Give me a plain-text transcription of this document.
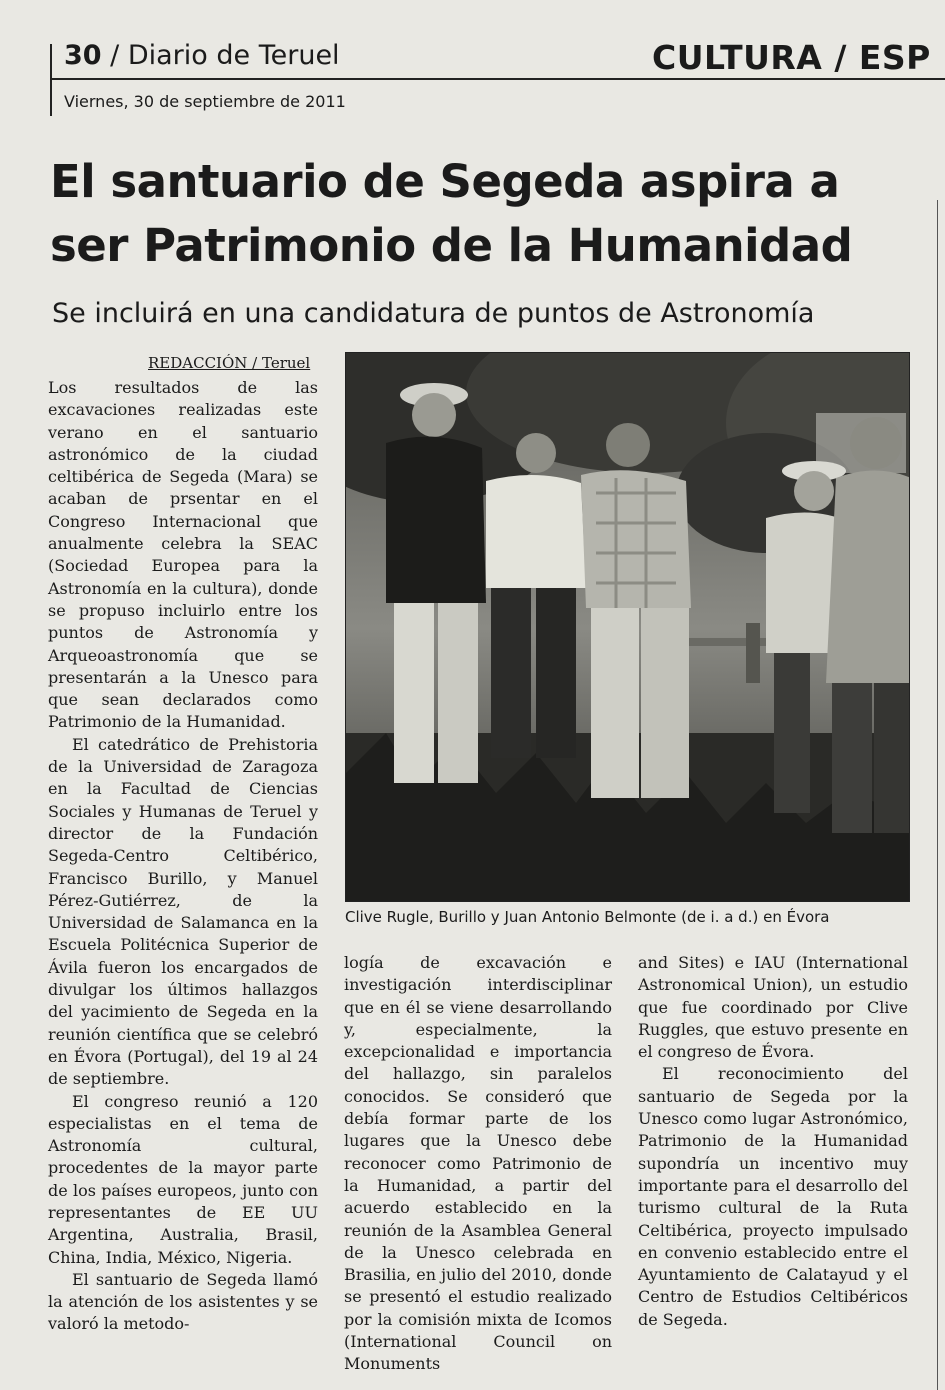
30 / Diario de Teruel	CULTURA / ESP
Viernes, 30 de septiembre de 2011
El santuario de Segeda aspira a ser Patrimonio de la Humanidad
Se incluirá en una candidatura de puntos de Astronomía
REDACCIÓN / Teruel

Los resultados de las excavaciones realizadas este verano en el santuario astronómico de la ciudad celtibérica de Segeda (Mara) se acaban de prsentar en el Congreso Internacional que anualmente celebra la SEAC (Sociedad Europea para la Astronomía en la cultura), donde se propuso incluirlo entre los puntos de Astronomía y Arqueoastronomía que se presentarán a la Unesco para que sean declarados como Patrimonio de la Humanidad.

El catedrático de Prehistoria de la Universidad de Zaragoza en la Facultad de Ciencias Sociales y Humanas de Teruel y director de la Fundación Segeda-Centro Celtibérico, Francisco Burillo, y Manuel Pérez-Gutiérrez, de la Universidad de Salamanca en la Escuela Politécnica Superior de Ávila fueron los encargados de divulgar los últimos hallazgos del yacimiento de Segeda en la reunión científica que se celebró en Évora (Portugal), del 19 al 24 de septiembre.

El congreso reunió a 120 especialistas en el tema de Astronomía cultural, procedentes de la mayor parte de los países europeos, junto con representantes de EE UU Argentina, Australia, Brasil, China, India, México, Nigeria.

El santuario de Segeda llamó la atención de los asistentes y se valoró la metodo-

Clive Rugle, Burillo y Juan Antonio Belmonte (de i. a d.) en Évora

logía de excavación e investigación interdisciplinar que en él se viene desarrollando y, especialmente, la excepcionalidad e importancia del hallazgo, sin paralelos conocidos. Se consideró que debía formar parte de los lugares que la Unesco debe reconocer como Patrimonio de la Humanidad, a partir del acuerdo establecido en la reunión de la Asamblea General de la Unesco celebrada en Brasilia, en julio del 2010, donde se presentó el estudio realizado por la comisión mixta de Icomos (International Council on Monuments

and Sites) e IAU (International Astronomical Union), un estudio que fue coordinado por Clive Ruggles, que estuvo presente en el congreso de Évora.

El reconocimiento del santuario de Segeda por la Unesco como lugar Astronómico, Patrimonio de la Humanidad supondría un incentivo muy importante para el desarrollo del turismo cultural de la Ruta Celtibérica, proyecto impulsado en convenio establecido entre el Ayuntamiento de Calatayud y el Centro de Estudios Celtibéricos de Segeda.
